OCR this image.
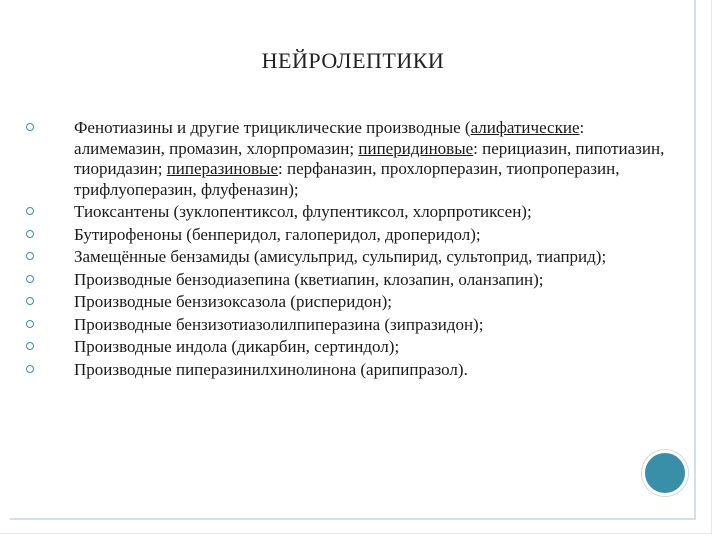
НЕЙРОЛЕПТИКИ
Фенотиазины и другие трициклические производные (алифатические: алимемазин, промазин, хлорпромазин; пиперидиновые: перициазин, пипотиазин, тиоридазин; пиперазиновые: перфаназин, прохлорперазин, тиопроперазин, трифлуоперазин, флуфеназин);
Тиоксантены (зуклопентиксол, флупентиксол, хлорпротиксен);
Бутирофеноны (бенперидол, галоперидол, дроперидол);
Замещённые бензамиды (амисульприд, сульпирид, сультоприд, тиаприд);
Производные бензодиазепина (кветиапин, клозапин, оланзапин);
Производные бензизоксазола (рисперидон);
Производные бензизотиазолилпиперазина (зипразидон);
Производные индола (дикарбин, сертиндол);
Производные пиперазинилхинолинона (арипипразол).
